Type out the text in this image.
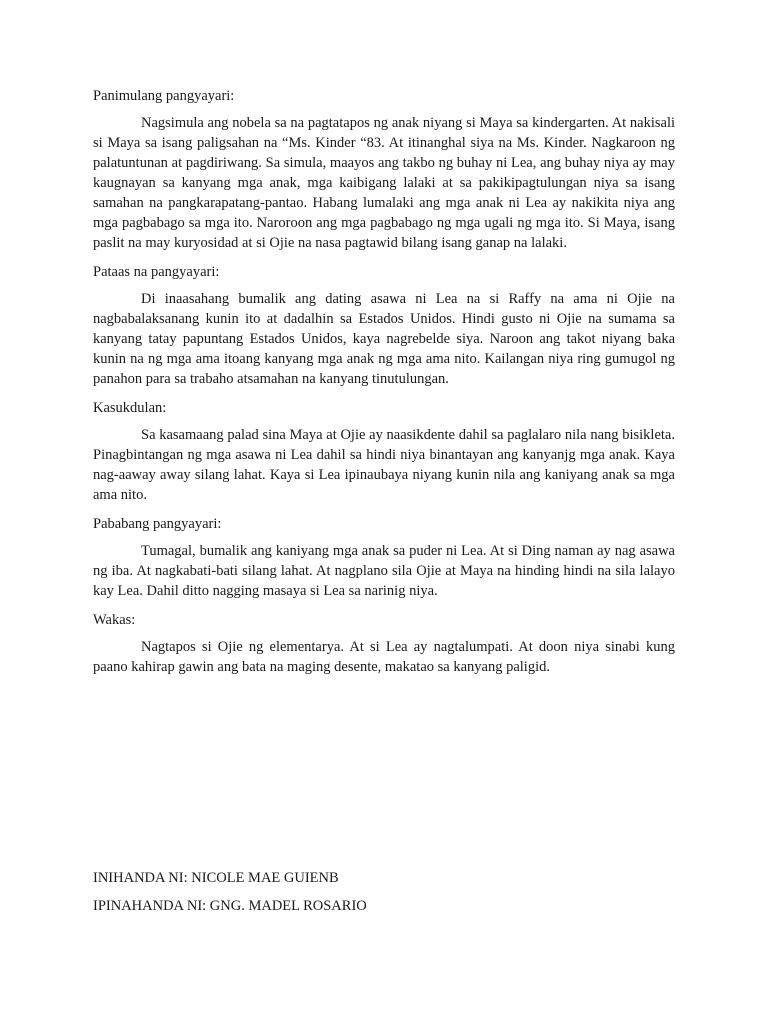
Panimulang pangyayari:

Nagsimula ang nobela sa na pagtatapos ng anak niyang si Maya sa kindergarten. At nakisali si Maya sa isang paligsahan na “Ms. Kinder “83. At itinanghal siya na Ms. Kinder. Nagkaroon ng palatuntunan at pagdiriwang. Sa simula, maayos ang takbo ng buhay ni Lea, ang buhay niya ay may kaugnayan sa kanyang mga anak, mga kaibigang lalaki at sa pakikipagtulungan niya sa isang samahan na pangkarapatang-pantao. Habang lumalaki ang mga anak ni Lea ay nakikita niya ang mga pagbabago sa mga ito. Naroroon ang mga pagbabago ng mga ugali ng mga ito. Si Maya, isang paslit na may kuryosidad at si Ojie na nasa pagtawid bilang isang ganap na lalaki.

Pataas na pangyayari:

Di inaasahang bumalik ang dating asawa ni Lea na si Raffy na ama ni Ojie na nagbabalaksanang kunin ito at dadalhin sa Estados Unidos. Hindi gusto ni Ojie na sumama sa kanyang tatay papuntang Estados Unidos, kaya nagrebelde siya. Naroon ang takot niyang baka kunin na ng mga ama itoang kanyang mga anak ng mga ama nito. Kailangan niya ring gumugol ng panahon para sa trabaho atsamahan na kanyang tinutulungan.

Kasukdulan:

Sa kasamaang palad sina Maya at Ojie ay naasikdente dahil sa paglalaro nila nang bisikleta. Pinagbintangan ng mga asawa ni Lea dahil sa hindi niya binantayan ang kanyanjg mga anak. Kaya nag-aaway away silang lahat. Kaya si Lea ipinaubaya niyang kunin nila ang kaniyang anak sa mga ama nito.

Pababang pangyayari:

Tumagal, bumalik ang kaniyang mga anak sa puder ni Lea. At si Ding naman ay nag asawa ng iba. At nagkabati-bati silang lahat. At nagplano sila Ojie at Maya na hinding hindi na sila lalayo kay Lea. Dahil ditto nagging masaya si Lea sa narinig niya.

Wakas:

Nagtapos si Ojie ng elementarya. At si Lea ay nagtalumpati. At doon niya sinabi kung paano kahirap gawin ang bata na maging desente, makatao sa kanyang paligid.

INIHANDA NI: NICOLE MAE GUIENB

IPINAHANDA NI: GNG. MADEL ROSARIO
